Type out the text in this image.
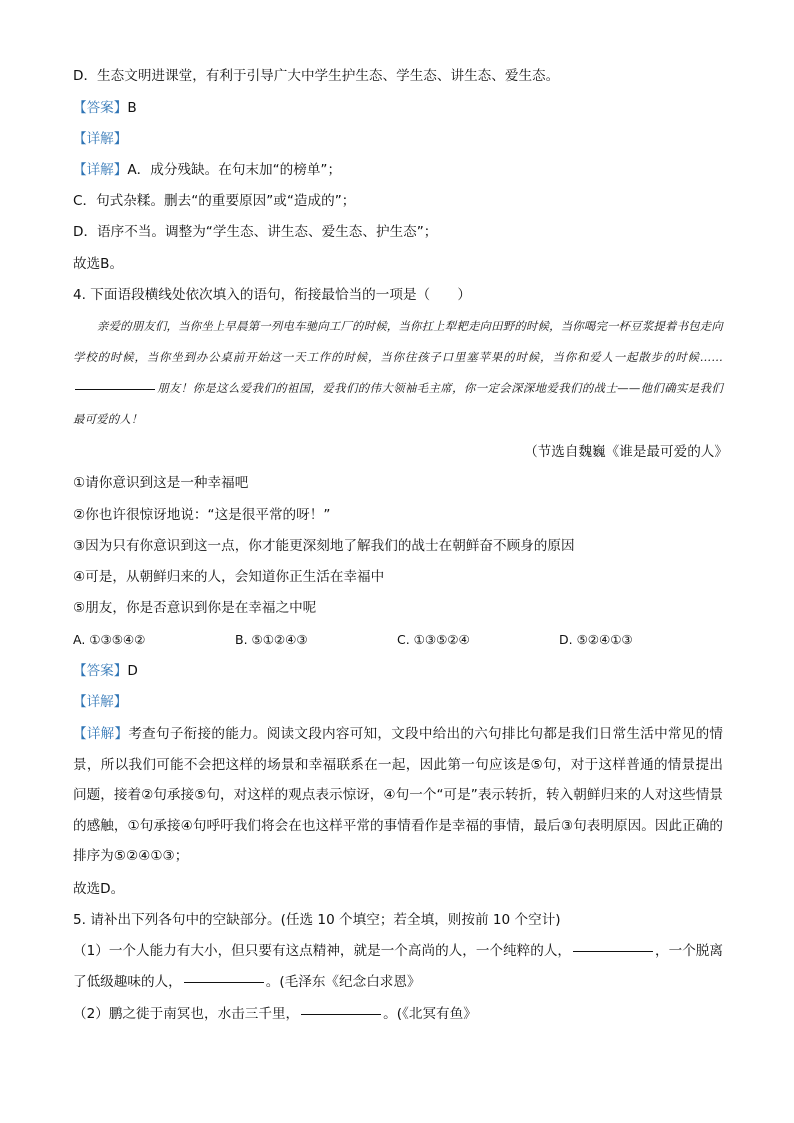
D．生态文明进课堂，有利于引导广大中学生护生态、学生态、讲生态、爱生态。
【答案】B
【详解】
【详解】A．成分残缺。在句末加“的榜单”；
C．句式杂糅。删去“的重要原因”或“造成的”；
D．语序不当。调整为“学生态、讲生态、爱生态、护生态”；
故选B。
4. 下面语段横线处依次填入的语句，衔接最恰当的一项是（　　）
亲爱的朋友们，当你坐上早晨第一列电车驰向工厂的时候，当你扛上犁耙走向田野的时候，当你喝完一杯豆浆提着书包走向学校的时候，当你坐到办公桌前开始这一天工作的时候，当你往孩子口里塞苹果的时候，当你和爱人一起散步的时候……朋友！你是这么爱我们的祖国，爱我们的伟大领袖毛主席，你一定会深深地爱我们的战士——他们确实是我们最可爱的人！
（节选自魏巍《谁是最可爱的人》
①请你意识到这是一种幸福吧
②你也许很惊讶地说：“这是很平常的呀！”
③因为只有你意识到这一点，你才能更深刻地了解我们的战士在朝鲜奋不顾身的原因
④可是，从朝鲜归来的人，会知道你正生活在幸福中
⑤朋友，你是否意识到你是在幸福之中呢
A. ①③⑤④②	B. ⑤①②④③	C. ①③⑤②④	D. ⑤②④①③
【答案】D
【详解】
【详解】考查句子衔接的能力。阅读文段内容可知，文段中给出的六句排比句都是我们日常生活中常见的情景，所以我们可能不会把这样的场景和幸福联系在一起，因此第一句应该是⑤句，对于这样普通的情景提出问题，接着②句承接⑤句，对这样的观点表示惊讶，④句一个“可是”表示转折，转入朝鲜归来的人对这些情景的感触，①句承接④句呼吁我们将会在也这样平常的事情看作是幸福的事情，最后③句表明原因。因此正确的排序为⑤②④①③；
故选D。
5. 请补出下列各句中的空缺部分。(任选 10 个填空；若全填，则按前 10 个空计)
（1）一个人能力有大小，但只要有这点精神，就是一个高尚的人，一个纯粹的人，	，一个脱离了低级趣味的人，	。(毛泽东《纪念白求恩》
（2）鹏之徙于南冥也，水击三千里，	。(《北冥有鱼》
